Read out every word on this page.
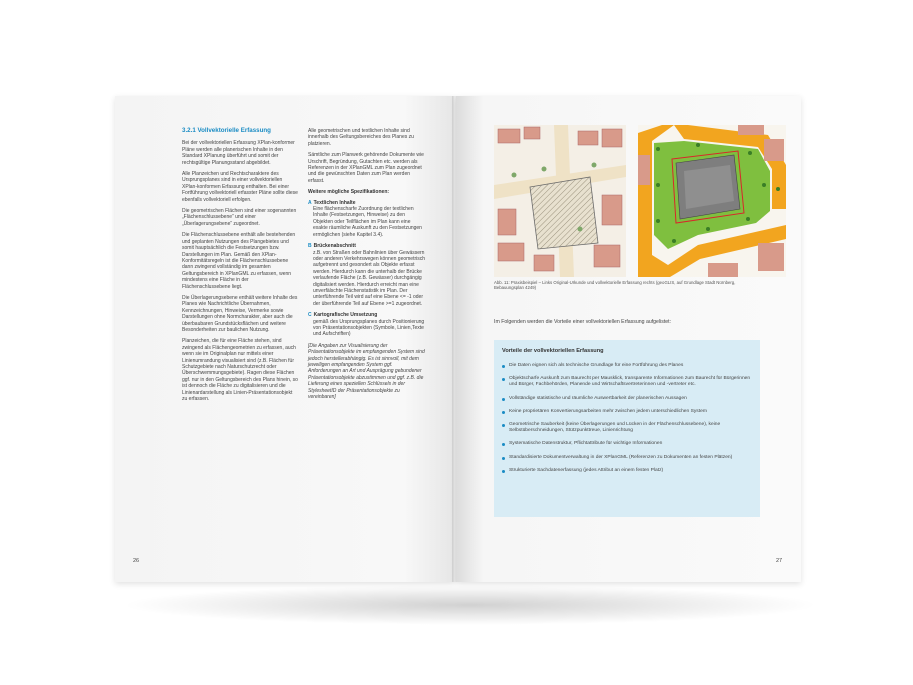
3.2.1 Vollvektorielle Erfassung

Bei der vollvektoriellen Erfassung XPlan-konformer Pläne werden alle planerischen Inhalte in den Standard XPlanung überführt und somit der rechtsgültige Planungsstand abgebildet.

Alle Planzeichen und Rechtscharaktere des Ursprungsplanes sind in einer vollvektoriellen XPlan-konformen Erfassung enthalten. Bei einer Fortführung vollvektoriell erfasster Pläne sollte diese ebenfalls vollvektoriell erfolgen.

Die geometrischen Flächen sind einer sogenannten „Flächenschlussebene“ und einer „Überlagerungsebene“ zugeordnet.

Die Flächenschlussebene enthält alle bestehenden und geplanten Nutzungen des Plangebietes und somit hauptsächlich die Festsetzungen bzw. Darstellungen im Plan. Gemäß den XPlan-Konformitätsregeln ist die Flächenschlussebene dann zwingend vollständig im gesamten Geltungsbereich in XPlanGML zu erfassen, wenn mindestens eine Fläche in der Flächenschlussebene liegt.

Die Überlagerungsebene enthält weitere Inhalte des Planes wie Nachrichtliche Übernahmen, Kennzeichnungen, Hinweise, Vermerke sowie Darstellungen ohne Normcharakter, aber auch die überbaubaren Grundstücksflächen und weitere Besonderheiten zur baulichen Nutzung.

Planzeichen, die für eine Fläche stehen, sind zwingend als Flächengeometrien zu erfassen, auch wenn sie im Originalplan nur mittels einer Linienumrandung visualisiert sind (z.B. Flächen für Schutzgebiete nach Naturschutzrecht oder Überschwemmungsgebiete). Ragen diese Flächen ggf. nur in den Geltungsbereich des Plans hinein, so ist dennoch die Fläche zu digitalisieren und die Linienardarstellung als Linien-Präsentationsobjekt zu erfassen.

Alle geometrischen und textlichen Inhalte sind innerhalb des Geltungsbereiches des Planes zu platzieren.

Sämtliche zum Planwerk gehörende Dokumente wie Urschrift, Begründung, Gutachten etc. werden als Referenzen in der XPlanGML zum Plan zugeordnet und die gewünschten Daten zum Plan werden erfasst.

Weitere mögliche Spezifikationen:
A Textlichen Inhalte
Eine flächenscharfe Zuordnung der textlichen Inhalte (Festsetzungen, Hinweise) zu den Objekten oder Teilflächen im Plan kann eine exakte räumliche Auskunft zu den Festsetzungen ermöglichen (siehe Kapitel 3.4).
B Brückenabschnitt
z.B. von Straßen oder Bahnlinien über Gewässern oder anderen Verkehrswegen können geometrisch aufgetrennt und gesondert als Objekte erfasst werden. Hierdurch kann die unterhalb der Brücke verlaufende Fläche (z.B. Gewässer) durchgängig digitalisiert werden. Hierdurch erreicht man eine unverfälschte Flächenstatistik im Plan. Der unterführende Teil wird auf eine Ebene <= -1 oder der überführende Teil auf Ebene >=1 zugeordnet.
C Kartografische Umsetzung
gemäß des Ursprungsplanes durch Positionierung von Präsentationsobjekten (Symbole, Linien,Texte und Aufschriften)

[Die Angaben zur Visualisierung der Präsentationsobjekte im empfangenden System sind jedoch herstellerabhängig. Es ist sinnvoll, mit dem jeweiligen empfangenden System ggf. Anforderungen an Art und Ausprägung gebundener Präsentationsobjekte abzustimmen und ggf. z.B. die Lieferung eines speziellen Schlüssels in der StylesheetID der Präsentationsobjekte zu vereinbaren]

26
Abb. 11: Praxisbeispiel – Links Original-Urkunde und vollvektorielle Erfassung rechts (geoGLIS, auf Grundlage Stadt Nürnberg, Bebauungsplan 4249)
Im Folgenden werden die Vorteile einer vollvektoriellen Erfassung aufgelistet:
Vorteile der vollvektoriellen Erfassung
Die Daten eignen sich als technische Grundlage für eine Fortführung des Planes
Objektscharfe Auskunft zum Baurecht per Mausklick, transparente Informationen zum Baurecht für Bürgerinnen und Bürger, Fachbehörden, Planende und Wirtschaftsvertreterinnen und -vertreter etc.
Vollständige statistische und räumliche Auswertbarkeit der planerischen Aussagen
Keine proprietären Konvertierungsarbeiten mehr zwischen jedem unterschiedlichen System
Geometrische Sauberkeit (keine Überlagerungen und Lücken in der Flächenschlussebene), keine Selbstüberschneidungen, Stützpunkttreue, Linienrichtung
Systematische Datenstruktur, Pflichtattribute für wichtige Informationen
Standardisierte Dokumentverwaltung in der XPlanGML (Referenzen zu Dokumenten an festen Plätzen)
Strukturierte Sachdatenerfassung (jedes Attribut an einem festen Platz)
27
